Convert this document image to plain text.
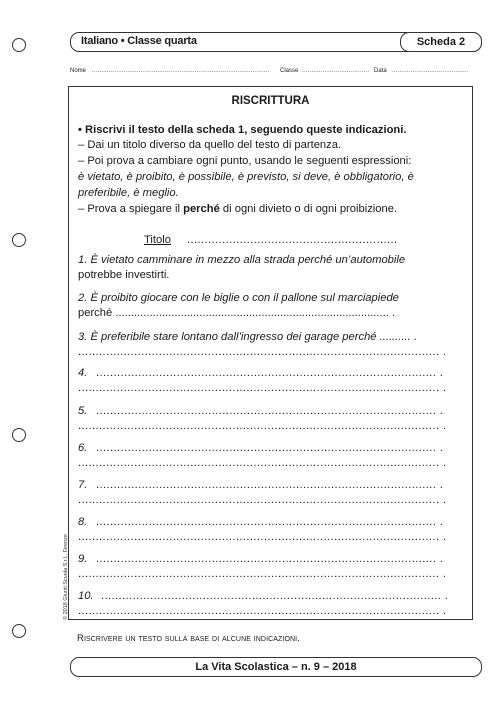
Italiano • Classe quarta	Scheda 2
Nome ............................................................................................... Classe .................................... Data .........................................
RISCRITTURA
• Riscrivi il testo della scheda 1, seguendo queste indicazioni.
– Dai un titolo diverso da quello del testo di partenza.
– Poi prova a cambiare ogni punto, usando le seguenti espressioni:
è vietato, è proibito, è possibile, è previsto, si deve, è obbligatorio, è
preferibile, è meglio.
– Prova a spiegare il perché di ogni divieto o di ogni proibizione.
Titolo ............................................................
1. È vietato camminare in mezzo alla strada perché un’automobile
potrebbe investirti.
2. È proibito giocare con le biglie o con il pallone sul marciapiede
perché ........................................................................................ .
3. È preferibile stare lontano dall’ingresso dei garage perché .......... .
....................................................................................................... .
4. ................................................................................................. .
....................................................................................................... .
5. ................................................................................................. .
....................................................................................................... .
6. ................................................................................................. .
....................................................................................................... .
7. ................................................................................................. .
....................................................................................................... .
8. ................................................................................................. .
....................................................................................................... .
9. ................................................................................................. .
....................................................................................................... .
10. ................................................................................................. .
....................................................................................................... .
Riscrivere un testo sulla base di alcune indicazioni.
© 2018 Giunti Scuola S.r.l., Firenze
La Vita Scolastica – n. 9 – 2018
